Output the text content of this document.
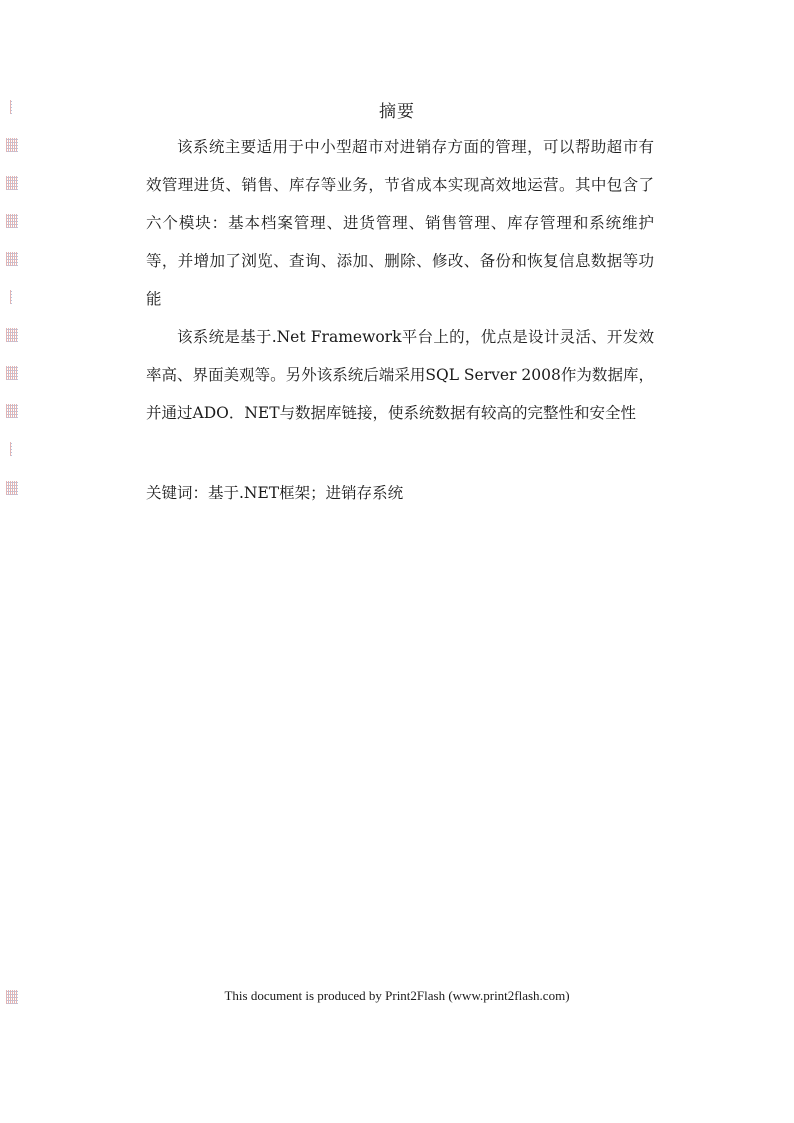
摘要

该系统主要适用于中小型超市对进销存方面的管理，可以帮助超市有效管理进货、销售、库存等业务，节省成本实现高效地运营。其中包含了六个模块：基本档案管理、进货管理、销售管理、库存管理和系统维护等，并增加了浏览、查询、添加、删除、修改、备份和恢复信息数据等功能

该系统是基于.Net Framework平台上的，优点是设计灵活、开发效率高、界面美观等。另外该系统后端采用SQL Server 2008作为数据库，并通过ADO．NET与数据库链接，使系统数据有较高的完整性和安全性

关键词：基于.NET框架；进销存系统
This document is produced by Print2Flash (www.print2flash.com)
